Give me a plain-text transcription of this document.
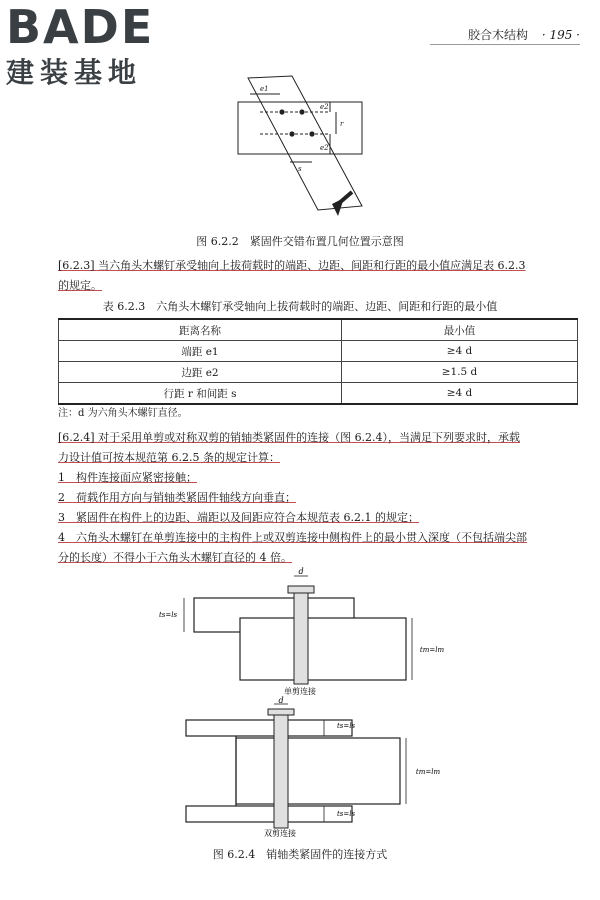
BADE
建装基地
胶合木结构 · 195 ·
e1
e2
r
e2
s
图 6.2.2　紧固件交错布置几何位置示意图
[6.2.3] 当六角头木螺钉承受轴向上拔荷载时的端距、边距、间距和行距的最小值应满足表 6.2.3
的规定。
表 6.2.3　六角头木螺钉承受轴向上拔荷载时的端距、边距、间距和行距的最小值
距离名称	最小值
端距 e1	≥4 d
边距 e2	≥1.5 d
行距 r 和间距 s	≥4 d
注：d 为六角头木螺钉直径。
[6.2.4] 对于采用单剪或对称双剪的销轴类紧固件的连接（图 6.2.4），当满足下列要求时，承载
力设计值可按本规范第 6.2.5 条的规定计算：
1　构件连接面应紧密接触；
2　荷载作用方向与销轴类紧固件轴线方向垂直；
3　紧固件在构件上的边距、端距以及间距应符合本规范表 6.2.1 的规定；
4　六角头木螺钉在单剪连接中的主构件上或双剪连接中侧构件上的最小贯入深度（不包括端尖部
分的长度）不得小于六角头木螺钉直径的 4 倍。
d
ts=ls
tm=lm
单剪连接
d
ts=ls
tm=lm
ts=ls
双剪连接
图 6.2.4　销轴类紧固件的连接方式
